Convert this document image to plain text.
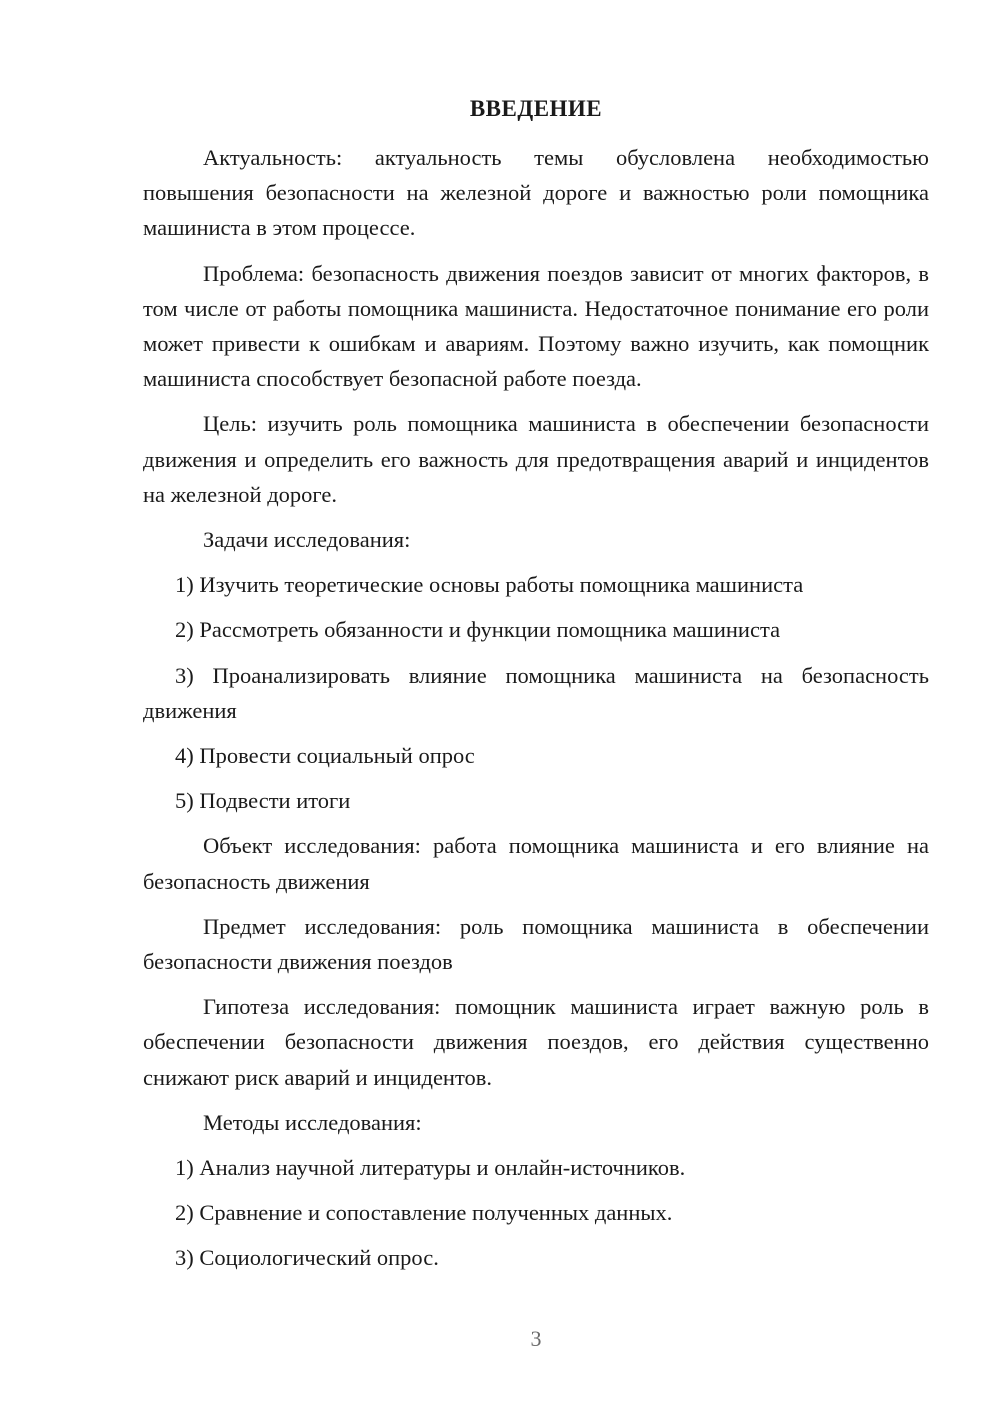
ВВЕДЕНИЕ

Актуальность: актуальность темы обусловлена необходимостью повышения безопасности на железной дороге и важностью роли помощника машиниста в этом процессе.

Проблема: безопасность движения поездов зависит от многих факторов, в том числе от работы помощника машиниста. Недостаточное понимание его роли может привести к ошибкам и авариям. Поэтому важно изучить, как помощник машиниста способствует безопасной работе поезда.

Цель: изучить роль помощника машиниста в обеспечении безопасности движения и определить его важность для предотвращения аварий и инцидентов на железной дороге.

Задачи исследования:

1) Изучить теоретические основы работы помощника машиниста

2) Рассмотреть обязанности и функции помощника машиниста

3) Проанализировать влияние помощника машиниста на безопасность движения

4) Провести социальный опрос

5) Подвести итоги

Объект исследования: работа помощника машиниста и его влияние на безопасность движения

Предмет исследования: роль помощника машиниста в обеспечении безопасности движения поездов

Гипотеза исследования: помощник машиниста играет важную роль в обеспечении безопасности движения поездов, его действия существенно снижают риск аварий и инцидентов.

Методы исследования:

1) Анализ научной литературы и онлайн-источников.

2) Сравнение и сопоставление полученных данных.

3) Социологический опрос.

3
